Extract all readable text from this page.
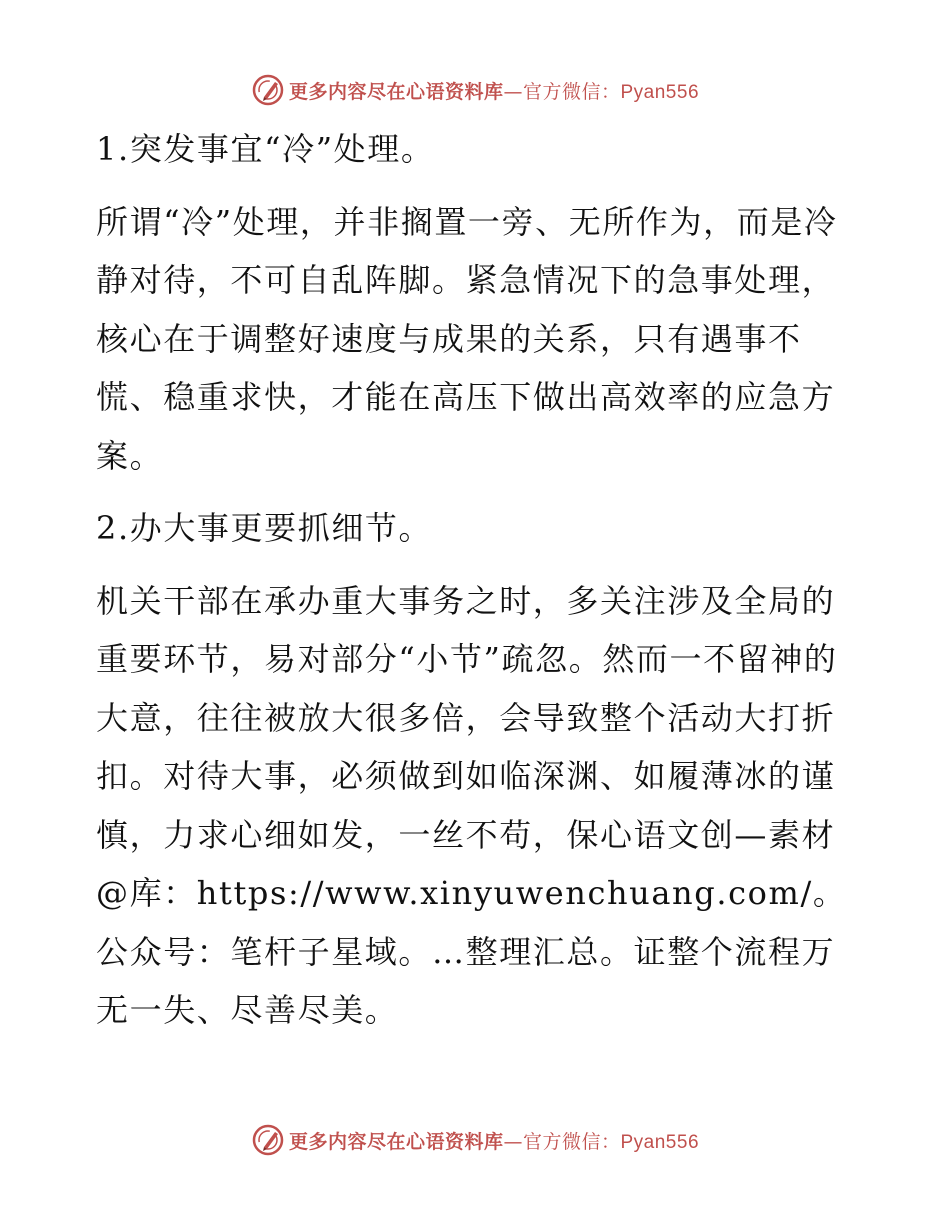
更多内容尽在心语资料库—官方微信：Pyan556

1.突发事宜“冷”处理。

所谓“冷”处理，并非搁置一旁、无所作为，而是冷静对待，不可自乱阵脚。紧急情况下的急事处理，核心在于调整好速度与成果的关系，只有遇事不慌、稳重求快，才能在高压下做出高效率的应急方案。

2.办大事更要抓细节。

机关干部在承办重大事务之时，多关注涉及全局的重要环节，易对部分“小节”疏忽。然而一不留神的大意，往往被放大很多倍，会导致整个活动大打折扣。对待大事，必须做到如临深渊、如履薄冰的谨慎，力求心细如发，一丝不苟，保心语文创—素材@库：https://www.xinyuwenchuang.com/。公众号：笔杆子星域。…整理汇总。证整个流程万无一失、尽善尽美。

更多内容尽在心语资料库—官方微信：Pyan556
